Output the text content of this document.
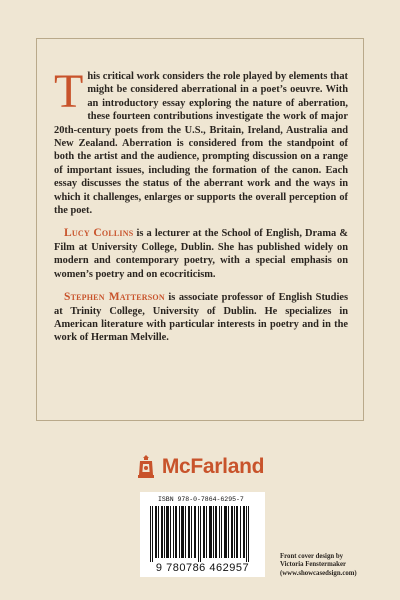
This critical work considers the role played by elements that might be considered aberrational in a poet’s oeuvre. With an introductory essay exploring the nature of aberration, these fourteen contributions investigate the work of major 20th-century poets from the U.S., Britain, Ireland, Australia and New Zealand. Aberration is considered from the standpoint of both the artist and the audience, prompting discussion on a range of important issues, including the formation of the canon. Each essay discusses the status of the aberrant work and the ways in which it challenges, enlarges or supports the overall perception of the poet.

Lucy Collins is a lecturer at the School of English, Drama & Film at University College, Dublin. She has published widely on modern and contemporary poetry, with a special emphasis on women’s poetry and on ecocriticism.

Stephen Matterson is associate professor of English Studies at Trinity College, University of Dublin. He specializes in American literature with particular interests in poetry and in the work of Herman Melville.

McFarland
ISBN 978-0-7864-6295-7
9 780786 462957
Front cover design by
Victoria Fenstermaker
(www.showcasedsign.com)
